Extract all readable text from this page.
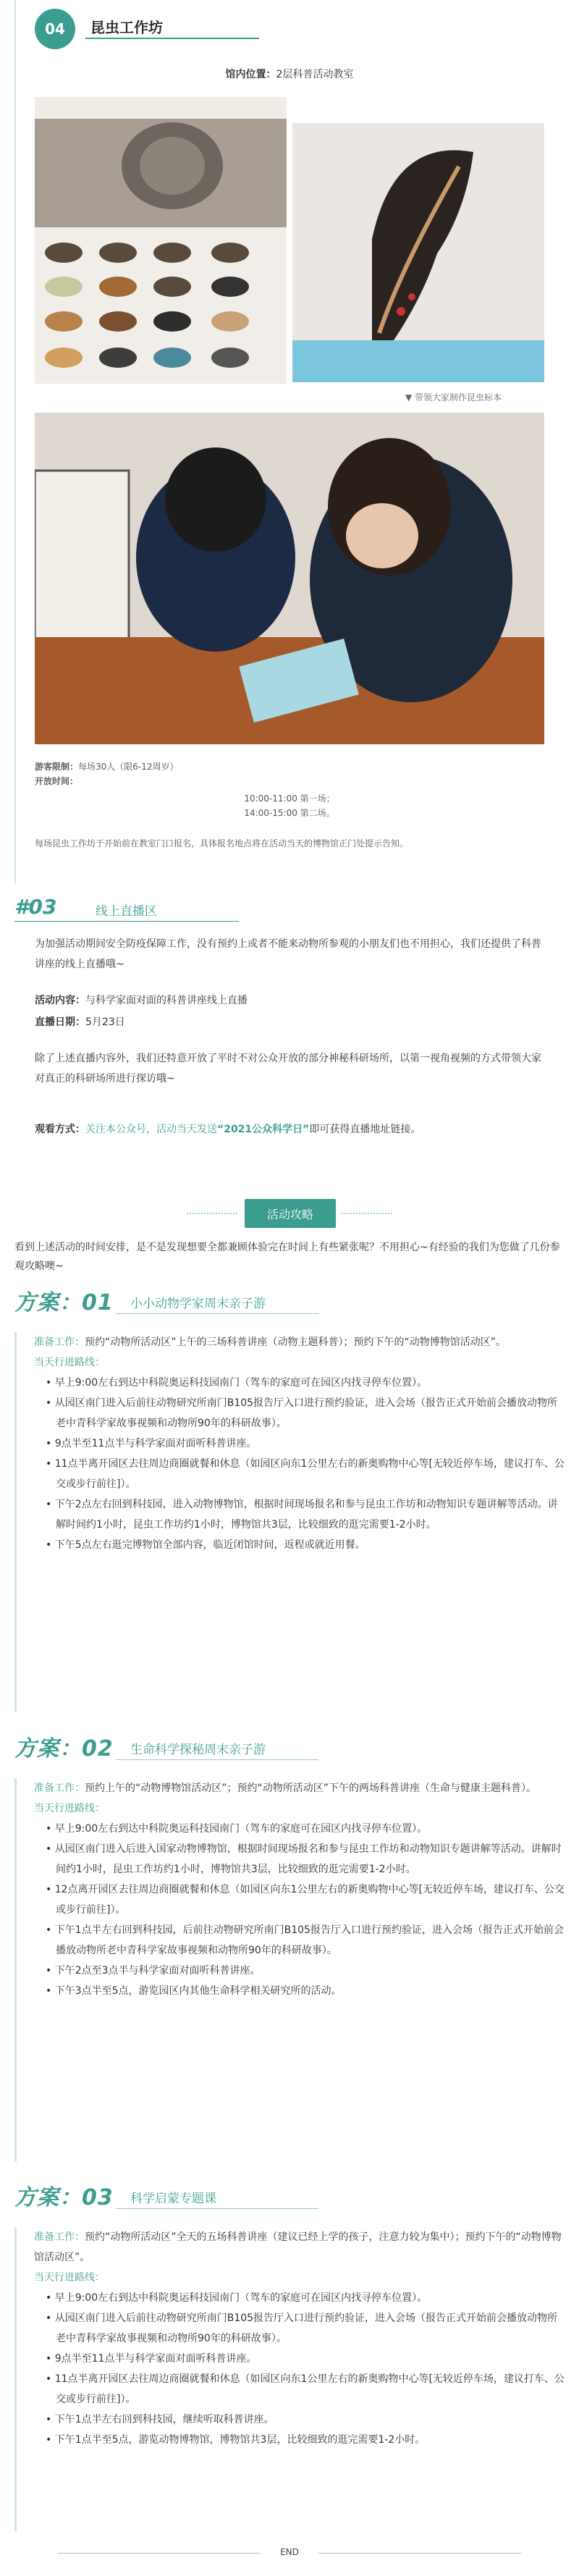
04	昆虫工作坊
馆内位置：2层科普活动教室
▼ 带领大家制作昆虫标本
游客限制：每场30人（限6-12周岁）
开放时间：
10:00-11:00 第一场；
14:00-15:00 第二场。
每场昆虫工作坊于开始前在教室门口报名，具体报名地点将在活动当天的博物馆正门处提示告知。
#03	线上直播区
为加强活动期间安全防疫保障工作，没有预约上或者不能来动物所参观的小朋友们也不用担心，我们还提供了科普讲座的线上直播哦~
活动内容：与科学家面对面的科普讲座线上直播
直播日期：5月23日
除了上述直播内容外，我们还特意开放了平时不对公众开放的部分神秘科研场所，以第一视角视频的方式带领大家对真正的科研场所进行探访哦~
观看方式：关注本公众号，活动当天发送“2021公众科学日”即可获得直播地址链接。
活动攻略
看到上述活动的时间安排，是不是发现想要全都兼顾体验完在时间上有些紧张呢？不用担心~有经验的我们为您做了几份参观攻略噢~
方案：01 小小动物学家周末亲子游
准备工作：预约“动物所活动区”上午的三场科普讲座（动物主题科普）；预约下午的“动物博物馆活动区”。
当天行进路线：
• 早上9:00左右到达中科院奥运科技园南门（驾车的家庭可在园区内找寻停车位置）。
• 从园区南门进入后前往动物研究所南门B105报告厅入口进行预约验证，进入会场（报告正式开始前会播放动物所老中青科学家故事视频和动物所90年的科研故事）。
• 9点半至11点半与科学家面对面听科普讲座。
• 11点半离开园区去往周边商圈就餐和休息（如园区向东1公里左右的新奥购物中心等[无较近停车场，建议打车、公交或步行前往]）。
• 下午2点左右回到科技园，进入动物博物馆，根据时间现场报名和参与昆虫工作坊和动物知识专题讲解等活动。讲解时间约1小时，昆虫工作坊约1小时，博物馆共3层，比较细致的逛完需要1-2小时。
• 下午5点左右逛完博物馆全部内容，临近闭馆时间，返程或就近用餐。
方案：02 生命科学探秘周末亲子游
准备工作：预约上午的“动物博物馆活动区”；预约“动物所活动区”下午的两场科普讲座（生命与健康主题科普）。
当天行进路线：
• 早上9:00左右到达中科院奥运科技园南门（驾车的家庭可在园区内找寻停车位置）。
• 从园区南门进入后进入国家动物博物馆，根据时间现场报名和参与昆虫工作坊和动物知识专题讲解等活动。讲解时间约1小时，昆虫工作坊约1小时，博物馆共3层，比较细致的逛完需要1-2小时。
• 12点离开园区去往周边商圈就餐和休息（如园区向东1公里左右的新奥购物中心等[无较近停车场，建议打车、公交或步行前往]）。
• 下午1点半左右回到科技园，后前往动物研究所南门B105报告厅入口进行预约验证，进入会场（报告正式开始前会播放动物所老中青科学家故事视频和动物所90年的科研故事）。
• 下午2点至3点半与科学家面对面听科普讲座。
• 下午3点半至5点，游览园区内其他生命科学相关研究所的活动。
方案：03 科学启蒙专题课
准备工作：预约“动物所活动区”全天的五场科普讲座（建议已经上学的孩子，注意力较为集中）；预约下午的“动物博物馆活动区”。
当天行进路线：
• 早上9:00左右到达中科院奥运科技园南门（驾车的家庭可在园区内找寻停车位置）。
• 从园区南门进入后前往动物研究所南门B105报告厅入口进行预约验证，进入会场（报告正式开始前会播放动物所老中青科学家故事视频和动物所90年的科研故事）。
• 9点半至11点半与科学家面对面听科普讲座。
• 11点半离开园区去往周边商圈就餐和休息（如园区向东1公里左右的新奥购物中心等[无较近停车场，建议打车、公交或步行前往]）。
• 下午1点半左右回到科技园，继续听取科普讲座。
• 下午1点半至5点，游览动物博物馆，博物馆共3层，比较细致的逛完需要1-2小时。
END
